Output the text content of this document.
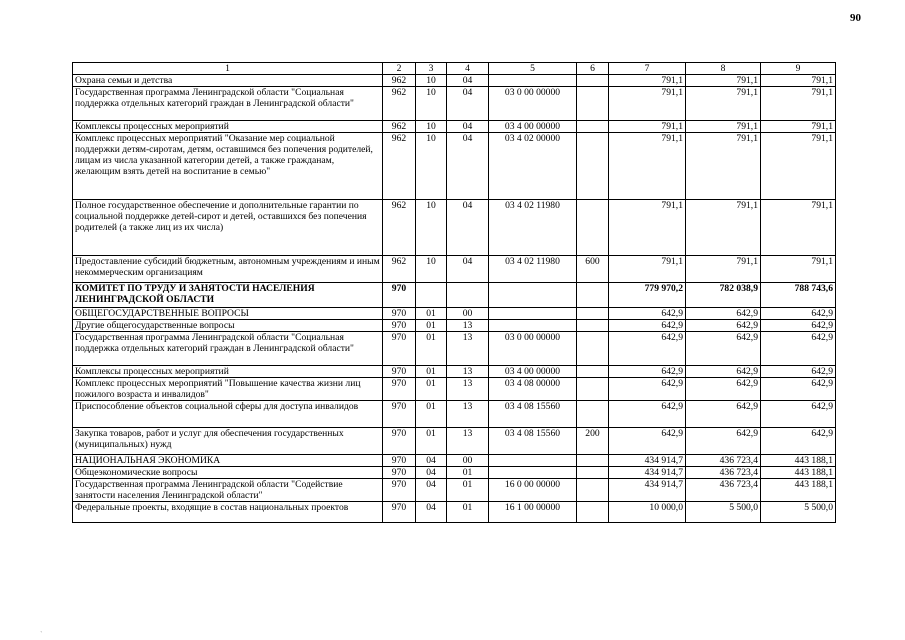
90
1	2	3	4	5	6	7	8	9
Охрана семьи и детства	962	10	04			791,1	791,1	791,1
Государственная программа Ленинградской области "Социальная поддержка отдельных категорий граждан в Ленинградской области"	962	10	04	03 0 00 00000		791,1	791,1	791,1
Комплексы процессных мероприятий	962	10	04	03 4 00 00000		791,1	791,1	791,1
Комплекс процессных мероприятий "Оказание мер социальной поддержки детям-сиротам, детям, оставшимся без попечения родителей, лицам из числа указанной категории детей, а также гражданам, желающим взять детей на воспитание в семью"	962	10	04	03 4 02 00000		791,1	791,1	791,1
Полное государственное обеспечение и дополнительные гарантии по социальной поддержке детей-сирот и детей, оставшихся без попечения родителей (а также лиц из их числа)	962	10	04	03 4 02 11980		791,1	791,1	791,1
Предоставление субсидий бюджетным, автономным учреждениям и иным некоммерческим организациям	962	10	04	03 4 02 11980	600	791,1	791,1	791,1
КОМИТЕТ ПО ТРУДУ И ЗАНЯТОСТИ НАСЕЛЕНИЯ ЛЕНИНГРАДСКОЙ ОБЛАСТИ	970					779 970,2	782 038,9	788 743,6
ОБЩЕГОСУДАРСТВЕННЫЕ ВОПРОСЫ	970	01	00			642,9	642,9	642,9
Другие общегосударственные вопросы	970	01	13			642,9	642,9	642,9
Государственная программа Ленинградской области "Социальная поддержка отдельных категорий граждан в Ленинградской области"	970	01	13	03 0 00 00000		642,9	642,9	642,9
Комплексы процессных мероприятий	970	01	13	03 4 00 00000		642,9	642,9	642,9
Комплекс процессных мероприятий "Повышение качества жизни лиц пожилого возраста и инвалидов"	970	01	13	03 4 08 00000		642,9	642,9	642,9
Приспособление объектов социальной сферы для доступа инвалидов	970	01	13	03 4 08 15560		642,9	642,9	642,9
Закупка товаров, работ и услуг для обеспечения государственных (муниципальных) нужд	970	01	13	03 4 08 15560	200	642,9	642,9	642,9
НАЦИОНАЛЬНАЯ ЭКОНОМИКА	970	04	00			434 914,7	436 723,4	443 188,1
Общеэкономические вопросы	970	04	01			434 914,7	436 723,4	443 188,1
Государственная программа Ленинградской области "Содействие занятости населения Ленинградской области"	970	04	01	16 0 00 00000		434 914,7	436 723,4	443 188,1
Федеральные проекты, входящие в состав национальных проектов	970	04	01	16 1 00 00000		10 000,0	5 500,0	5 500,0
ˋ
